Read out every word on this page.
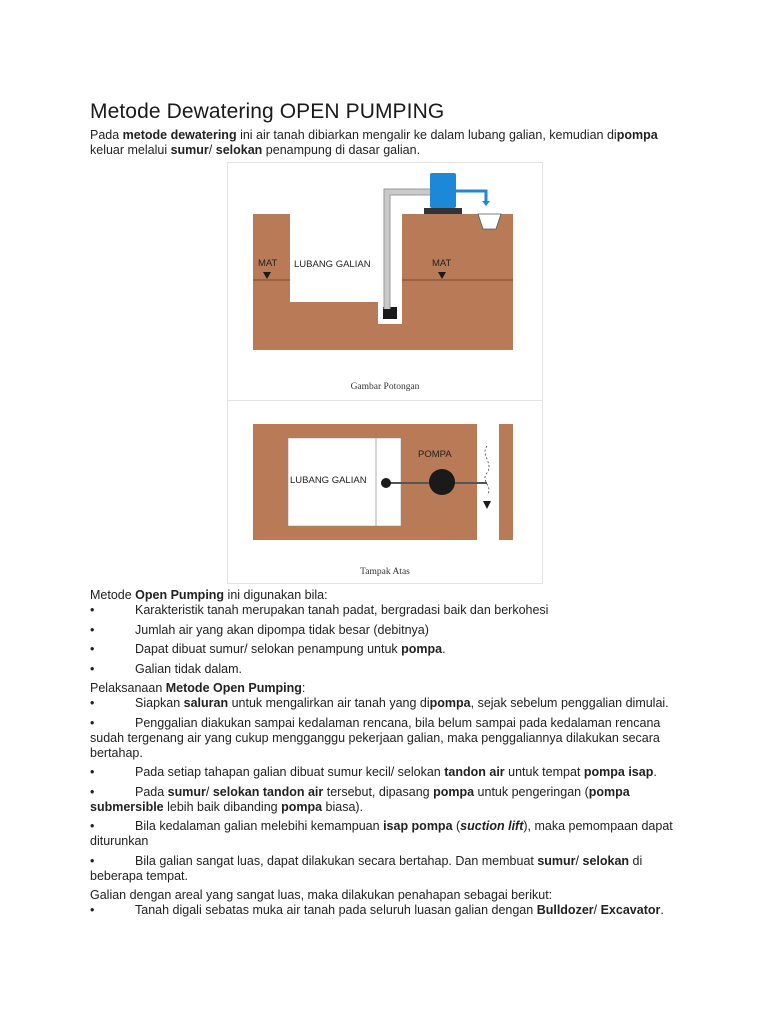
Metode Dewatering OPEN PUMPING

Pada metode dewatering ini air tanah dibiarkan mengalir ke dalam lubang galian, kemudian dipompa keluar melalui sumur/ selokan penampung di dasar galian.

MAT	MAT
LUBANG GALIAN
Gambar Potongan
POMPA
LUBANG GALIAN
Tampak Atas

Metode Open Pumping ini digunakan bila:

•	Karakteristik tanah merupakan tanah padat, bergradasi baik dan berkohesi
•	Jumlah air yang akan dipompa tidak besar (debitnya)
•	Dapat dibuat sumur/ selokan penampung untuk pompa.
•	Galian tidak dalam.

Pelaksanaan Metode Open Pumping:

•	Siapkan saluran untuk mengalirkan air tanah yang dipompa, sejak sebelum penggalian dimulai.
•	Penggalian diakukan sampai kedalaman rencana, bila belum sampai pada kedalaman rencana sudah tergenang air yang cukup mengganggu pekerjaan galian, maka penggaliannya dilakukan secara bertahap.
•	Pada setiap tahapan galian dibuat sumur kecil/ selokan tandon air untuk tempat pompa isap.
•	Pada sumur/ selokan tandon air tersebut, dipasang pompa untuk pengeringan (pompa submersible lebih baik dibanding pompa biasa).
•	Bila kedalaman galian melebihi kemampuan isap pompa (suction lift), maka pemompaan dapat diturunkan
•	Bila galian sangat luas, dapat dilakukan secara bertahap. Dan membuat sumur/ selokan di beberapa tempat.

Galian dengan areal yang sangat luas, maka dilakukan penahapan sebagai berikut:

•	Tanah digali sebatas muka air tanah pada seluruh luasan galian dengan Bulldozer/ Excavator.
